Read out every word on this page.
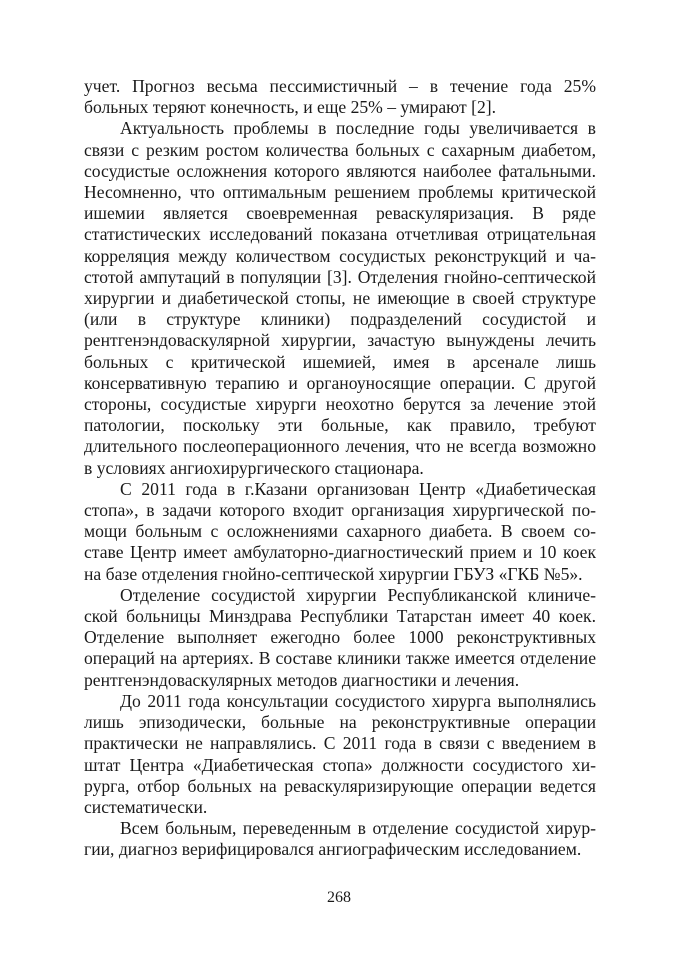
учет. Прогноз весьма пессимистичный – в течение года 25% больных теряют конечность, и еще 25% – умирают [2].

Актуальность проблемы в последние годы увеличивается в связи с резким ростом количества больных с сахарным диабетом, сосудистые осложнения которого являются наиболее фатальными. Несомненно, что оптимальным решением проблемы критической ишемии является своевременная реваскуляризация. В ряде статистических исследований показана отчетливая отрицательная корреляция между количеством сосудистых реконструкций и частотой ампутаций в популяции [3]. Отделения гнойно-септической хирургии и диабетической стопы, не имеющие в своей структуре (или в структуре клиники) подразделений сосудистой и рентгенэндоваскулярной хирургии, зачастую вынуждены лечить больных с критической ишемией, имея в арсенале лишь консервативную терапию и органоуносящие операции. С другой стороны, сосудистые хирурги неохотно берутся за лечение этой патологии, поскольку эти больные, как правило, требуют длительного послеоперационного лечения, что не всегда возможно в условиях ангиохирургического стационара.

С 2011 года в г.Казани организован Центр «Диабетическая стопа», в задачи которого входит организация хирургической помощи больным с осложнениями сахарного диабета. В своем составе Центр имеет амбулаторно-диагностический прием и 10 коек на базе отделения гнойно-септической хирургии ГБУЗ «ГКБ №5».

Отделение сосудистой хирургии Республиканской клинической больницы Минздрава Республики Татарстан имеет 40 коек. Отделение выполняет ежегодно более 1000 реконструктивных операций на артериях. В составе клиники также имеется отделение рентгенэндоваскулярных методов диагностики и лечения.

До 2011 года консультации сосудистого хирурга выполнялись лишь эпизодически, больные на реконструктивные операции практически не направлялись. С 2011 года в связи с введением в штат Центра «Диабетическая стопа» должности сосудистого хирурга, отбор больных на реваскуляризирующие операции ведется систематически.

Всем больным, переведенным в отделение сосудистой хирургии, диагноз верифицировался ангиографическим исследованием.

268
